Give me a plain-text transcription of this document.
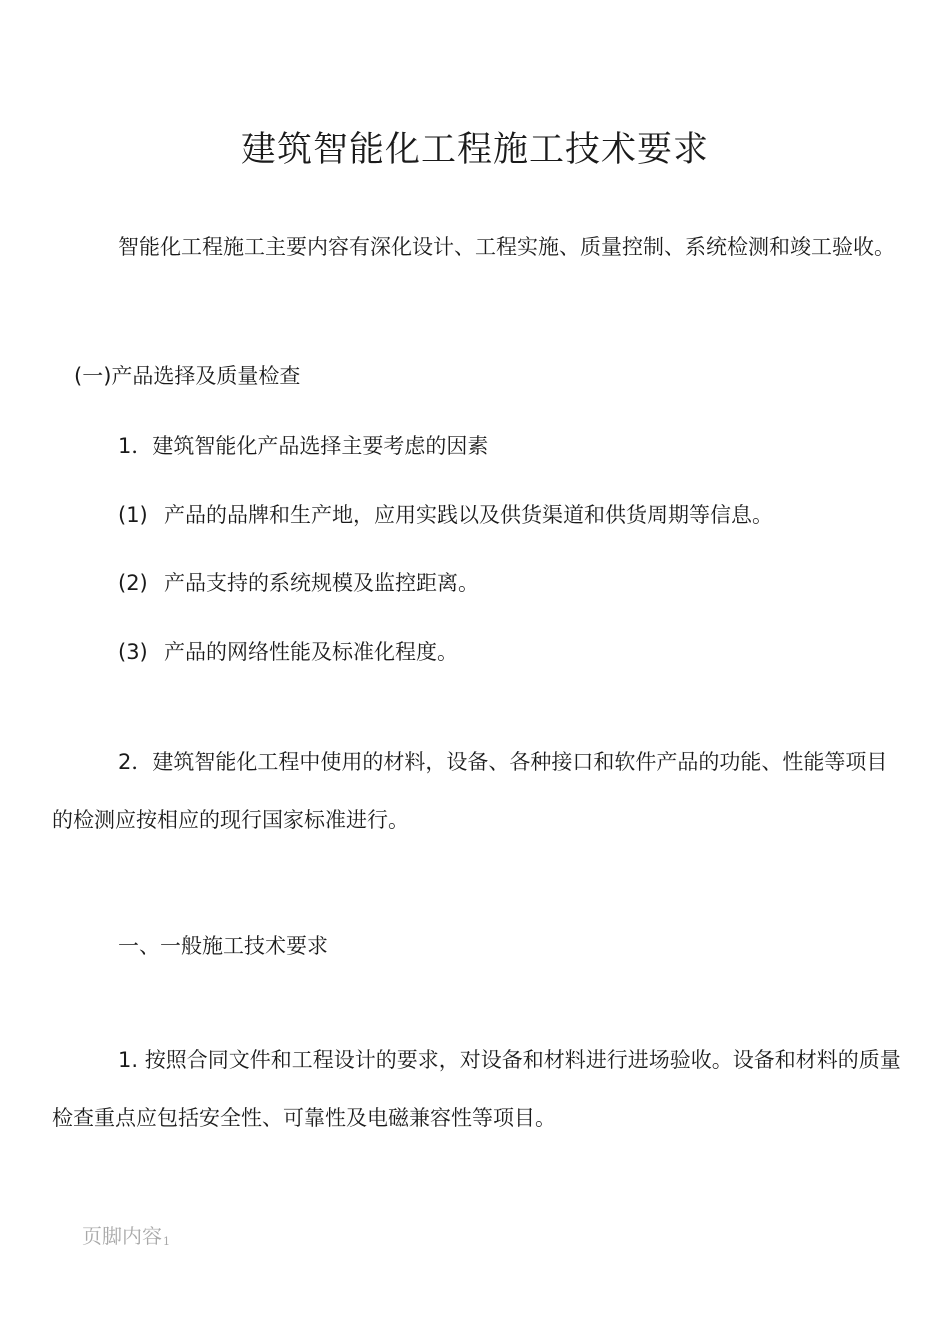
建筑智能化工程施工技术要求

智能化工程施工主要内容有深化设计、工程实施、质量控制、系统检测和竣工验收。

(一)产品选择及质量检查

1．建筑智能化产品选择主要考虑的因素

(1) 产品的品牌和生产地，应用实践以及供货渠道和供货周期等信息。

(2) 产品支持的系统规模及监控距离。

(3) 产品的网络性能及标准化程度。

2．建筑智能化工程中使用的材料，设备、各种接口和软件产品的功能、性能等项目的检测应按相应的现行国家标准进行。

一、一般施工技术要求

1. 按照合同文件和工程设计的要求，对设备和材料进行进场验收。设备和材料的质量检查重点应包括安全性、可靠性及电磁兼容性等项目。

页脚内容$_1$
